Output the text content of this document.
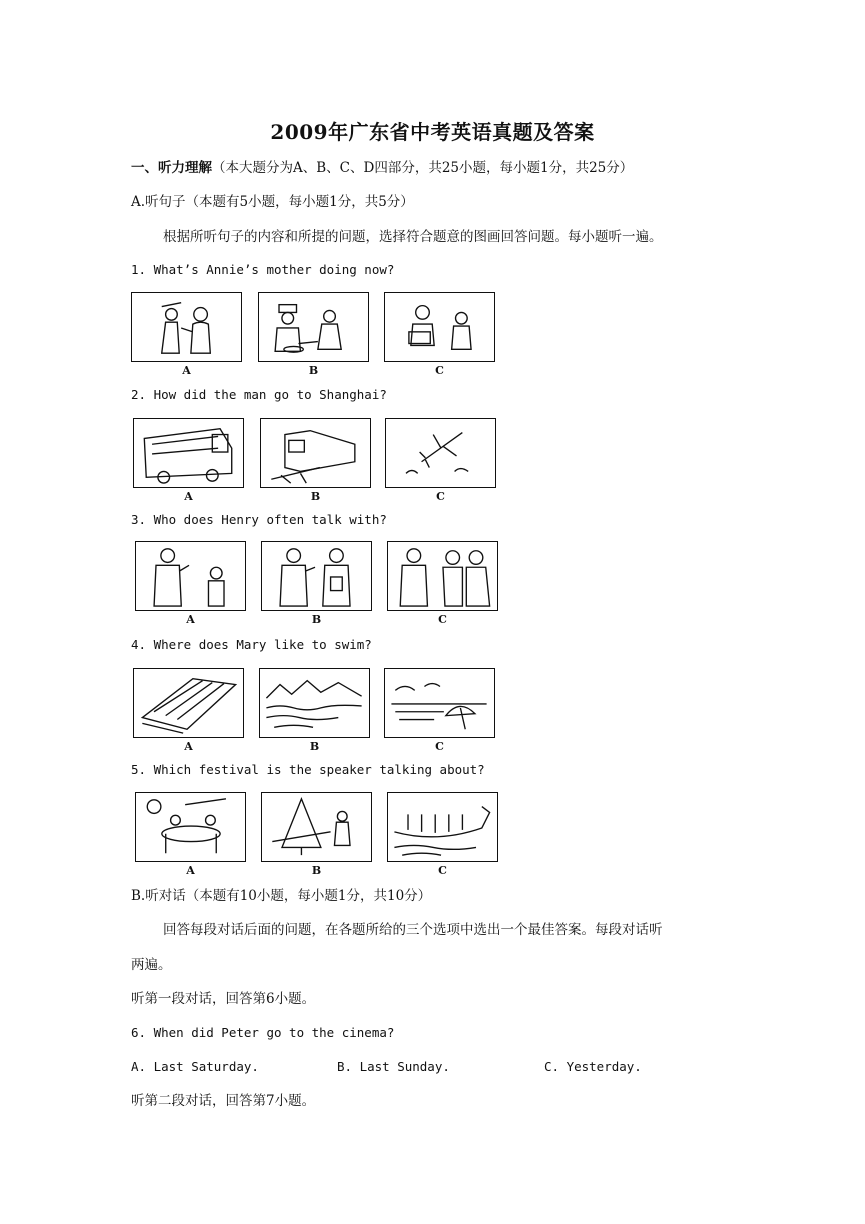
2009年广东省中考英语真题及答案
一、听力理解（本大题分为A、B、C、D四部分，共25小题，每小题1分，共25分）
A.听句子（本题有5小题，每小题1分，共5分）
根据所听句子的内容和所提的问题，选择符合题意的图画回答问题。每小题听一遍。
1. What’s Annie’s mother doing now?
A	B	C
2. How did the man go to Shanghai?
A	B	C
3. Who does Henry often talk with?
A	B	C
4. Where does Mary like to swim?
A	B	C
5. Which festival is the speaker talking about?
A	B	C
B.听对话（本题有10小题，每小题1分，共10分）
回答每段对话后面的问题，在各题所给的三个选项中选出一个最佳答案。每段对话听
两遍。
听第一段对话，回答第6小题。
6. When did Peter go to the cinema?
A. Last Saturday.	B. Last Sunday.	C. Yesterday.
听第二段对话，回答第7小题。
